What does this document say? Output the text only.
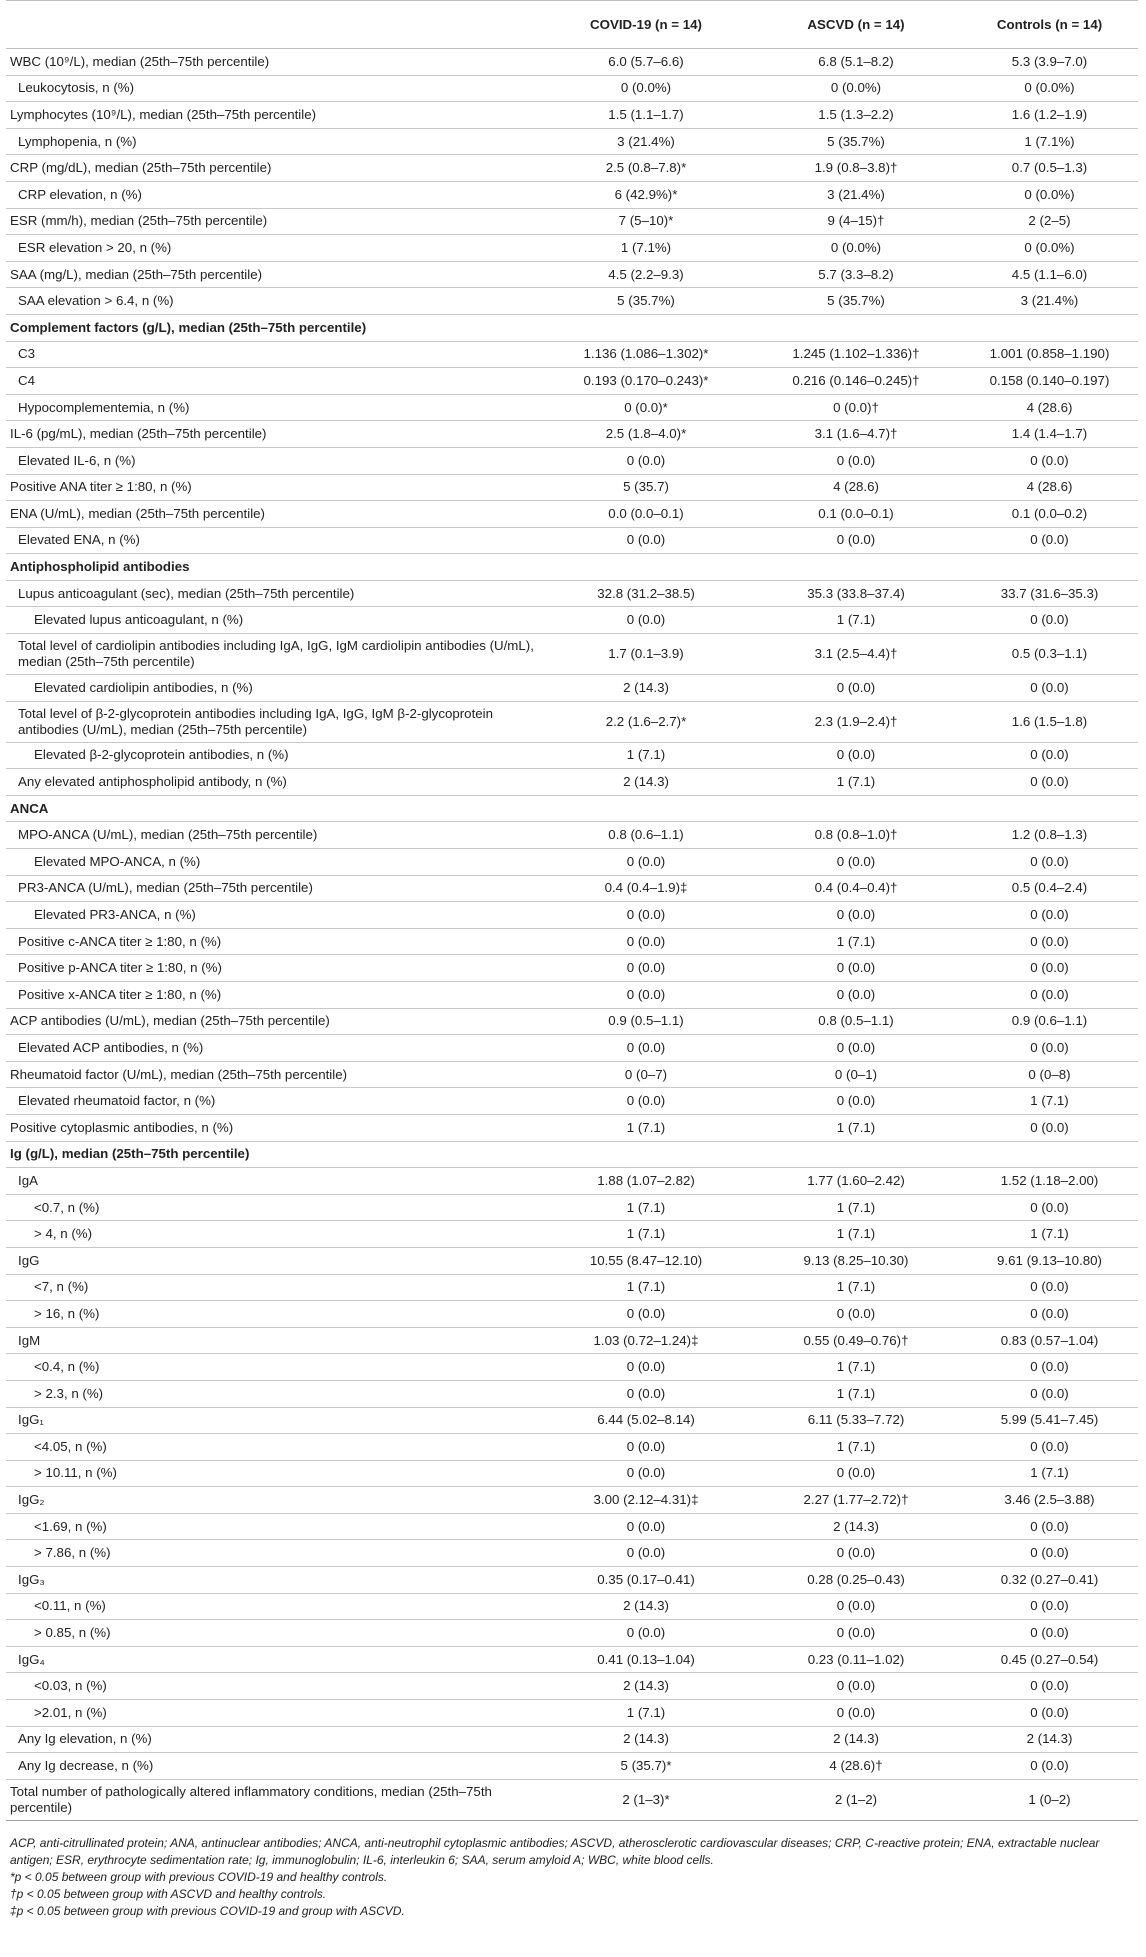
	COVID-19 (n = 14)	ASCVD (n = 14)	Controls (n = 14)
WBC (10⁹/L), median (25th–75th percentile)	6.0 (5.7–6.6)	6.8 (5.1–8.2)	5.3 (3.9–7.0)
Leukocytosis, n (%)	0 (0.0%)	0 (0.0%)	0 (0.0%)
Lymphocytes (10⁹/L), median (25th–75th percentile)	1.5 (1.1–1.7)	1.5 (1.3–2.2)	1.6 (1.2–1.9)
Lymphopenia, n (%)	3 (21.4%)	5 (35.7%)	1 (7.1%)
CRP (mg/dL), median (25th–75th percentile)	2.5 (0.8–7.8)*	1.9 (0.8–3.8)†	0.7 (0.5–1.3)
CRP elevation, n (%)	6 (42.9%)*	3 (21.4%)	0 (0.0%)
ESR (mm/h), median (25th–75th percentile)	7 (5–10)*	9 (4–15)†	2 (2–5)
ESR elevation > 20, n (%)	1 (7.1%)	0 (0.0%)	0 (0.0%)
SAA (mg/L), median (25th–75th percentile)	4.5 (2.2–9.3)	5.7 (3.3–8.2)	4.5 (1.1–6.0)
SAA elevation > 6.4, n (%)	5 (35.7%)	5 (35.7%)	3 (21.4%)
Complement factors (g/L), median (25th–75th percentile)			
C3	1.136 (1.086–1.302)*	1.245 (1.102–1.336)†	1.001 (0.858–1.190)
C4	0.193 (0.170–0.243)*	0.216 (0.146–0.245)†	0.158 (0.140–0.197)
Hypocomplementemia, n (%)	0 (0.0)*	0 (0.0)†	4 (28.6)
IL-6 (pg/mL), median (25th–75th percentile)	2.5 (1.8–4.0)*	3.1 (1.6–4.7)†	1.4 (1.4–1.7)
Elevated IL-6, n (%)	0 (0.0)	0 (0.0)	0 (0.0)
Positive ANA titer ≥ 1:80, n (%)	5 (35.7)	4 (28.6)	4 (28.6)
ENA (U/mL), median (25th–75th percentile)	0.0 (0.0–0.1)	0.1 (0.0–0.1)	0.1 (0.0–0.2)
Elevated ENA, n (%)	0 (0.0)	0 (0.0)	0 (0.0)
Antiphospholipid antibodies			
Lupus anticoagulant (sec), median (25th–75th percentile)	32.8 (31.2–38.5)	35.3 (33.8–37.4)	33.7 (31.6–35.3)
Elevated lupus anticoagulant, n (%)	0 (0.0)	1 (7.1)	0 (0.0)
Total level of cardiolipin antibodies including IgA, IgG, IgM cardiolipin antibodies (U/mL), median (25th–75th percentile)	1.7 (0.1–3.9)	3.1 (2.5–4.4)†	0.5 (0.3–1.1)
Elevated cardiolipin antibodies, n (%)	2 (14.3)	0 (0.0)	0 (0.0)
Total level of β-2-glycoprotein antibodies including IgA, IgG, IgM β-2-glycoprotein antibodies (U/mL), median (25th–75th percentile)	2.2 (1.6–2.7)*	2.3 (1.9–2.4)†	1.6 (1.5–1.8)
Elevated β-2-glycoprotein antibodies, n (%)	1 (7.1)	0 (0.0)	0 (0.0)
Any elevated antiphospholipid antibody, n (%)	2 (14.3)	1 (7.1)	0 (0.0)
ANCA			
MPO-ANCA (U/mL), median (25th–75th percentile)	0.8 (0.6–1.1)	0.8 (0.8–1.0)†	1.2 (0.8–1.3)
Elevated MPO-ANCA, n (%)	0 (0.0)	0 (0.0)	0 (0.0)
PR3-ANCA (U/mL), median (25th–75th percentile)	0.4 (0.4–1.9)‡	0.4 (0.4–0.4)†	0.5 (0.4–2.4)
Elevated PR3-ANCA, n (%)	0 (0.0)	0 (0.0)	0 (0.0)
Positive c-ANCA titer ≥ 1:80, n (%)	0 (0.0)	1 (7.1)	0 (0.0)
Positive p-ANCA titer ≥ 1:80, n (%)	0 (0.0)	0 (0.0)	0 (0.0)
Positive x-ANCA titer ≥ 1:80, n (%)	0 (0.0)	0 (0.0)	0 (0.0)
ACP antibodies (U/mL), median (25th–75th percentile)	0.9 (0.5–1.1)	0.8 (0.5–1.1)	0.9 (0.6–1.1)
Elevated ACP antibodies, n (%)	0 (0.0)	0 (0.0)	0 (0.0)
Rheumatoid factor (U/mL), median (25th–75th percentile)	0 (0–7)	0 (0–1)	0 (0–8)
Elevated rheumatoid factor, n (%)	0 (0.0)	0 (0.0)	1 (7.1)
Positive cytoplasmic antibodies, n (%)	1 (7.1)	1 (7.1)	0 (0.0)
Ig (g/L), median (25th–75th percentile)			
IgA	1.88 (1.07–2.82)	1.77 (1.60–2.42)	1.52 (1.18–2.00)
<0.7, n (%)	1 (7.1)	1 (7.1)	0 (0.0)
> 4, n (%)	1 (7.1)	1 (7.1)	1 (7.1)
IgG	10.55 (8.47–12.10)	9.13 (8.25–10.30)	9.61 (9.13–10.80)
<7, n (%)	1 (7.1)	1 (7.1)	0 (0.0)
> 16, n (%)	0 (0.0)	0 (0.0)	0 (0.0)
IgM	1.03 (0.72–1.24)‡	0.55 (0.49–0.76)†	0.83 (0.57–1.04)
<0.4, n (%)	0 (0.0)	1 (7.1)	0 (0.0)
> 2.3, n (%)	0 (0.0)	1 (7.1)	0 (0.0)
IgG₁	6.44 (5.02–8.14)	6.11 (5.33–7.72)	5.99 (5.41–7.45)
<4.05, n (%)	0 (0.0)	1 (7.1)	0 (0.0)
> 10.11, n (%)	0 (0.0)	0 (0.0)	1 (7.1)
IgG₂	3.00 (2.12–4.31)‡	2.27 (1.77–2.72)†	3.46 (2.5–3.88)
<1.69, n (%)	0 (0.0)	2 (14.3)	0 (0.0)
> 7.86, n (%)	0 (0.0)	0 (0.0)	0 (0.0)
IgG₃	0.35 (0.17–0.41)	0.28 (0.25–0.43)	0.32 (0.27–0.41)
<0.11, n (%)	2 (14.3)	0 (0.0)	0 (0.0)
> 0.85, n (%)	0 (0.0)	0 (0.0)	0 (0.0)
IgG₄	0.41 (0.13–1.04)	0.23 (0.11–1.02)	0.45 (0.27–0.54)
<0.03, n (%)	2 (14.3)	0 (0.0)	0 (0.0)
>2.01, n (%)	1 (7.1)	0 (0.0)	0 (0.0)
Any Ig elevation, n (%)	2 (14.3)	2 (14.3)	2 (14.3)
Any Ig decrease, n (%)	5 (35.7)*	4 (28.6)†	0 (0.0)
Total number of pathologically altered inflammatory conditions, median (25th–75th percentile)	2 (1–3)*	2 (1–2)	1 (0–2)

ACP, anti-citrullinated protein; ANA, antinuclear antibodies; ANCA, anti-neutrophil cytoplasmic antibodies; ASCVD, atherosclerotic cardiovascular diseases; CRP, C-reactive protein; ENA, extractable nuclear antigen; ESR, erythrocyte sedimentation rate; Ig, immunoglobulin; IL-6, interleukin 6; SAA, serum amyloid A; WBC, white blood cells.

*p < 0.05 between group with previous COVID-19 and healthy controls.

†p < 0.05 between group with ASCVD and healthy controls.

‡p < 0.05 between group with previous COVID-19 and group with ASCVD.
